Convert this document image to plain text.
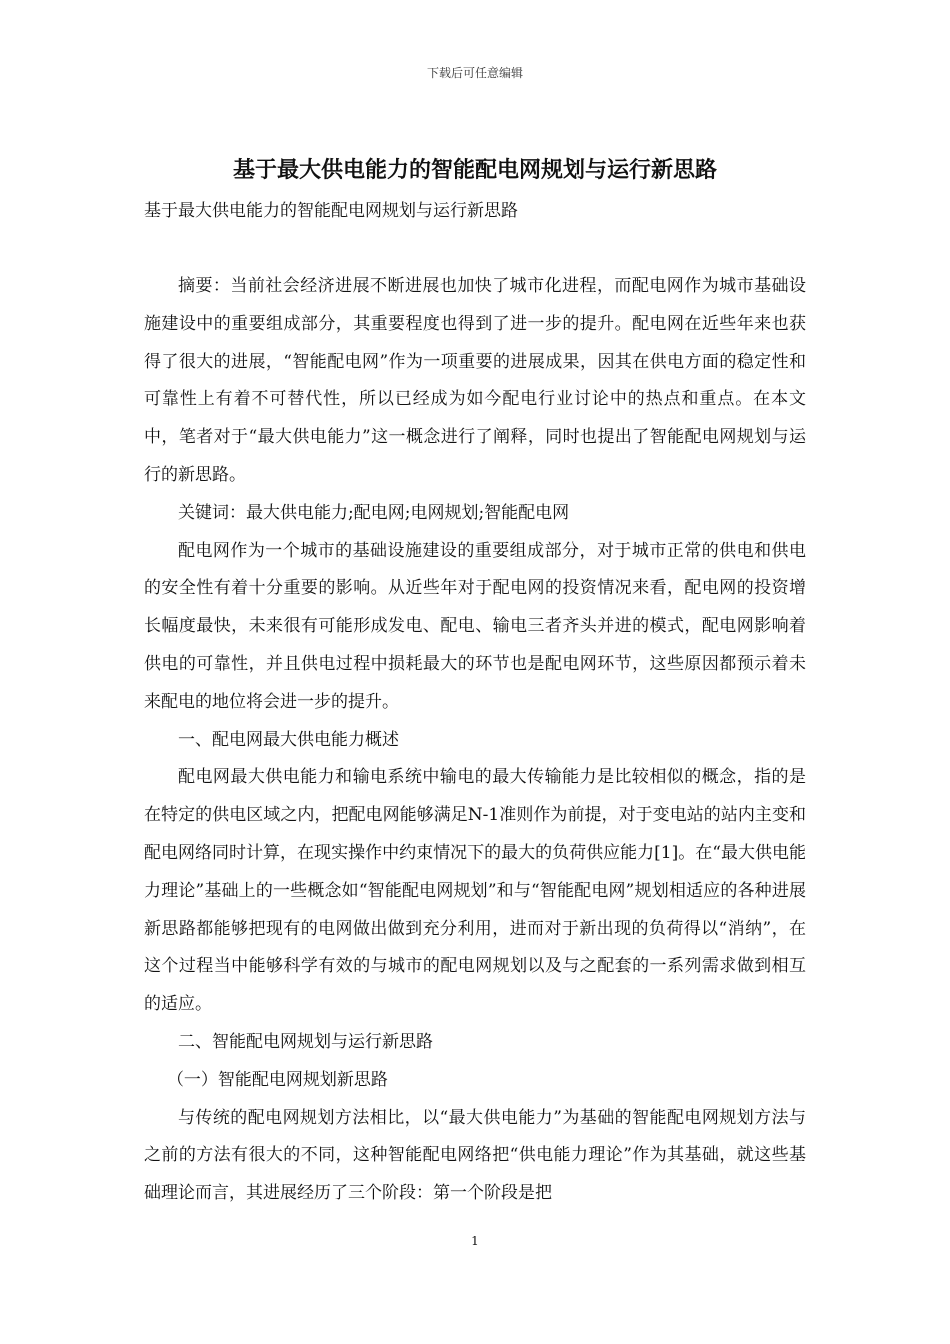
下载后可任意编辑
基于最大供电能力的智能配电网规划与运行新思路
基于最大供电能力的智能配电网规划与运行新思路

摘要：当前社会经济进展不断进展也加快了城市化进程，而配电网作为城市基础设施建设中的重要组成部分，其重要程度也得到了进一步的提升。配电网在近些年来也获得了很大的进展，“智能配电网”作为一项重要的进展成果，因其在供电方面的稳定性和可靠性上有着不可替代性，所以已经成为如今配电行业讨论中的热点和重点。在本文中，笔者对于“最大供电能力”这一概念进行了阐释，同时也提出了智能配电网规划与运行的新思路。

关键词：最大供电能力;配电网;电网规划;智能配电网

配电网作为一个城市的基础设施建设的重要组成部分，对于城市正常的供电和供电的安全性有着十分重要的影响。从近些年对于配电网的投资情况来看，配电网的投资增长幅度最快，未来很有可能形成发电、配电、输电三者齐头并进的模式，配电网影响着供电的可靠性，并且供电过程中损耗最大的环节也是配电网环节，这些原因都预示着未来配电的地位将会进一步的提升。

一、配电网最大供电能力概述

配电网最大供电能力和输电系统中输电的最大传输能力是比较相似的概念，指的是在特定的供电区域之内，把配电网能够满足N-1准则作为前提，对于变电站的站内主变和配电网络同时计算，在现实操作中约束情况下的最大的负荷供应能力[1]。在“最大供电能力理论”基础上的一些概念如“智能配电网规划”和与“智能配电网”规划相适应的各种进展新思路都能够把现有的电网做出做到充分利用，进而对于新出现的负荷得以“消纳”，在这个过程当中能够科学有效的与城市的配电网规划以及与之配套的一系列需求做到相互的适应。

二、智能配电网规划与运行新思路

（一）智能配电网规划新思路

与传统的配电网规划方法相比，以“最大供电能力”为基础的智能配电网规划方法与之前的方法有很大的不同，这种智能配电网络把“供电能力理论”作为其基础，就这些基础理论而言，其进展经历了三个阶段：第一个阶段是把

1
